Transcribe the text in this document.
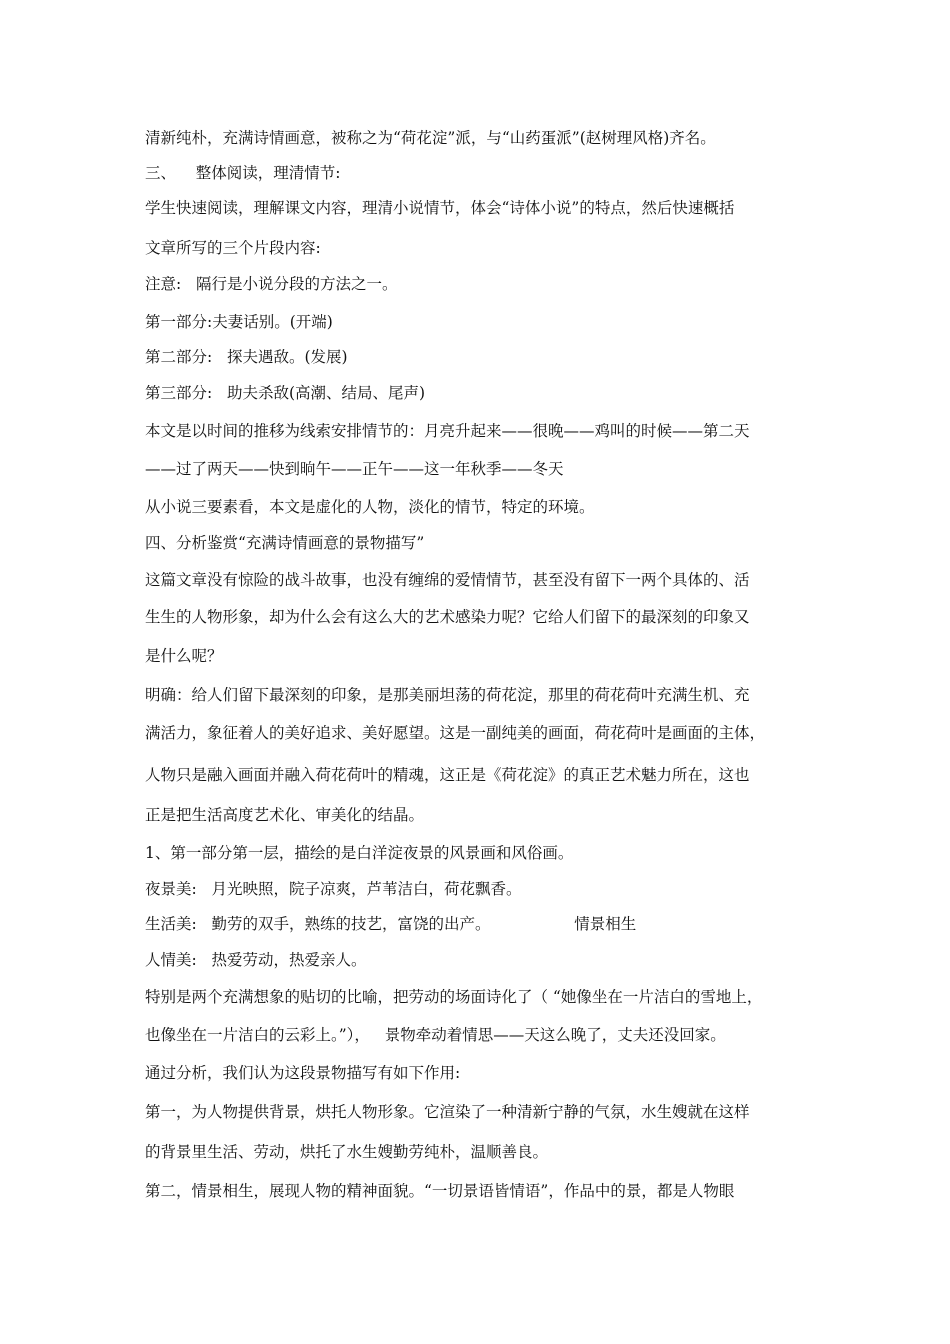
清新纯朴，充满诗情画意，被称之为“荷花淀”派，与“山药蛋派”(赵树理风格)齐名。
三、    整体阅读，理清情节:
学生快速阅读，理解课文内容，理清小说情节，体会“诗体小说”的特点，然后快速概括
文章所写的三个片段内容:
注意:   隔行是小说分段的方法之一。
第一部分:夫妻话别。(开端)
第二部分:   探夫遇敌。(发展)
第三部分:   助夫杀敌(高潮、结局、尾声)
本文是以时间的推移为线索安排情节的：月亮升起来——很晚——鸡叫的时候——第二天
——过了两天——快到晌午——正午——这一年秋季——冬天
从小说三要素看，本文是虚化的人物，淡化的情节，特定的环境。
四、分析鉴赏“充满诗情画意的景物描写”
这篇文章没有惊险的战斗故事，也没有缠绵的爱情情节，甚至没有留下一两个具体的、活
生生的人物形象，却为什么会有这么大的艺术感染力呢？它给人们留下的最深刻的印象又
是什么呢？
明确：给人们留下最深刻的印象，是那美丽坦荡的荷花淀，那里的荷花荷叶充满生机、充
满活力，象征着人的美好追求、美好愿望。这是一副纯美的画面，荷花荷叶是画面的主体，
人物只是融入画面并融入荷花荷叶的精魂，这正是《荷花淀》的真正艺术魅力所在，这也
正是把生活高度艺术化、审美化的结晶。
1、第一部分第一层，描绘的是白洋淀夜景的风景画和风俗画。
夜景美:   月光映照，院子凉爽，芦苇洁白，荷花飘香。
生活美:   勤劳的双手，熟练的技艺，富饶的出产。                 情景相生
人情美:   热爱劳动，热爱亲人。
特别是两个充满想象的贴切的比喻，把劳动的场面诗化了（ “她像坐在一片洁白的雪地上，
也像坐在一片洁白的云彩上。”），   景物牵动着情思——天这么晚了，丈夫还没回家。
通过分析，我们认为这段景物描写有如下作用:
第一，为人物提供背景，烘托人物形象。它渲染了一种清新宁静的气氛，水生嫂就在这样
的背景里生活、劳动，烘托了水生嫂勤劳纯朴，温顺善良。
第二，情景相生，展现人物的精神面貌。“一切景语皆情语”，作品中的景，都是人物眼
